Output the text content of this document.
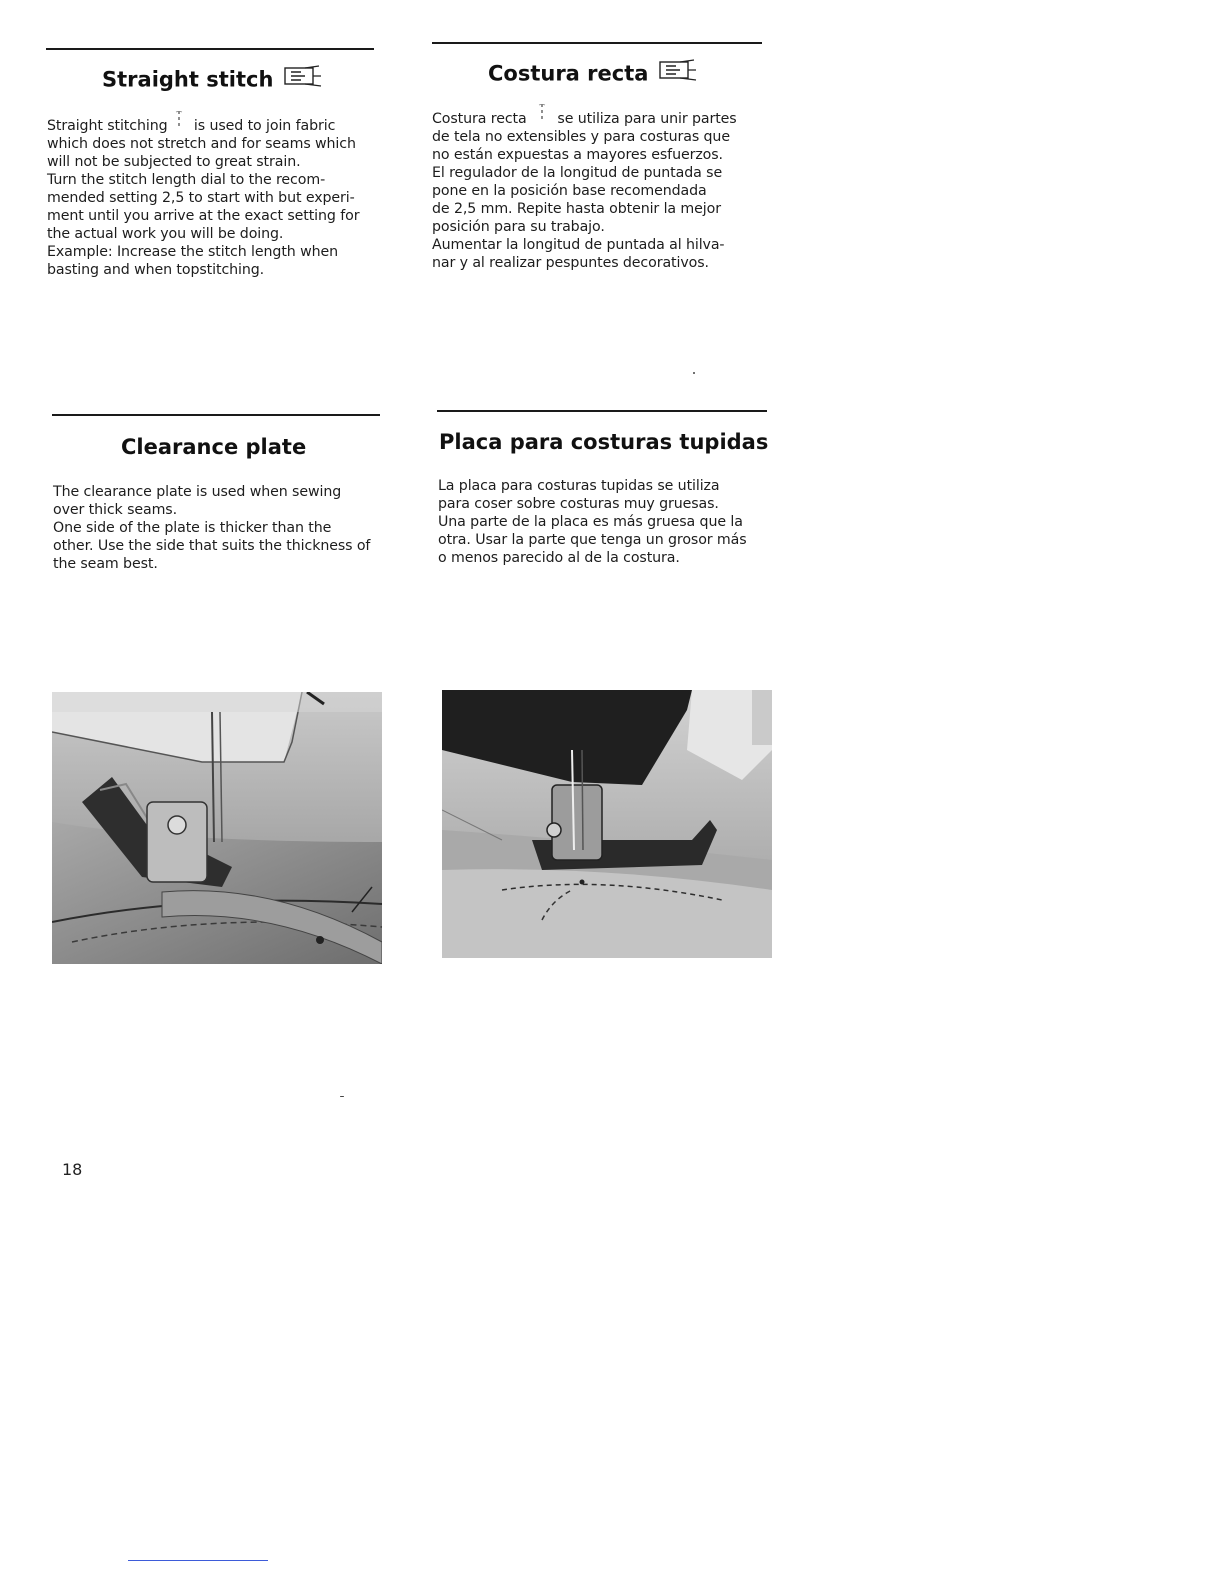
Straight stitch	Costura recta

Straight stitching is used to join fabric

which does not stretch and for seams which

will not be subjected to great strain.

Turn the stitch length dial to the recom-

mended setting 2,5 to start with but experi-

ment until you arrive at the exact setting for

the actual work you will be doing.

Example: Increase the stitch length when

basting and when topstitching.

Costura recta se utiliza para unir partes

de tela no extensibles y para costuras que

no están expuestas a mayores esfuerzos.

El regulador de la longitud de puntada se

pone en la posición base recomendada

de 2,5 mm. Repite hasta obtenir la mejor

posición para su trabajo.

Aumentar la longitud de puntada al hilva-

nar y al realizar pespuntes decorativos.

Clearance plate	Placa para costuras tupidas

The clearance plate is used when sewing

over thick seams.

One side of the plate is thicker than the

other. Use the side that suits the thickness of

the seam best.

La placa para costuras tupidas se utiliza

para coser sobre costuras muy gruesas.

Una parte de la placa es más gruesa que la

otra. Usar la parte que tenga un grosor más

o menos parecido al de la costura.

18
